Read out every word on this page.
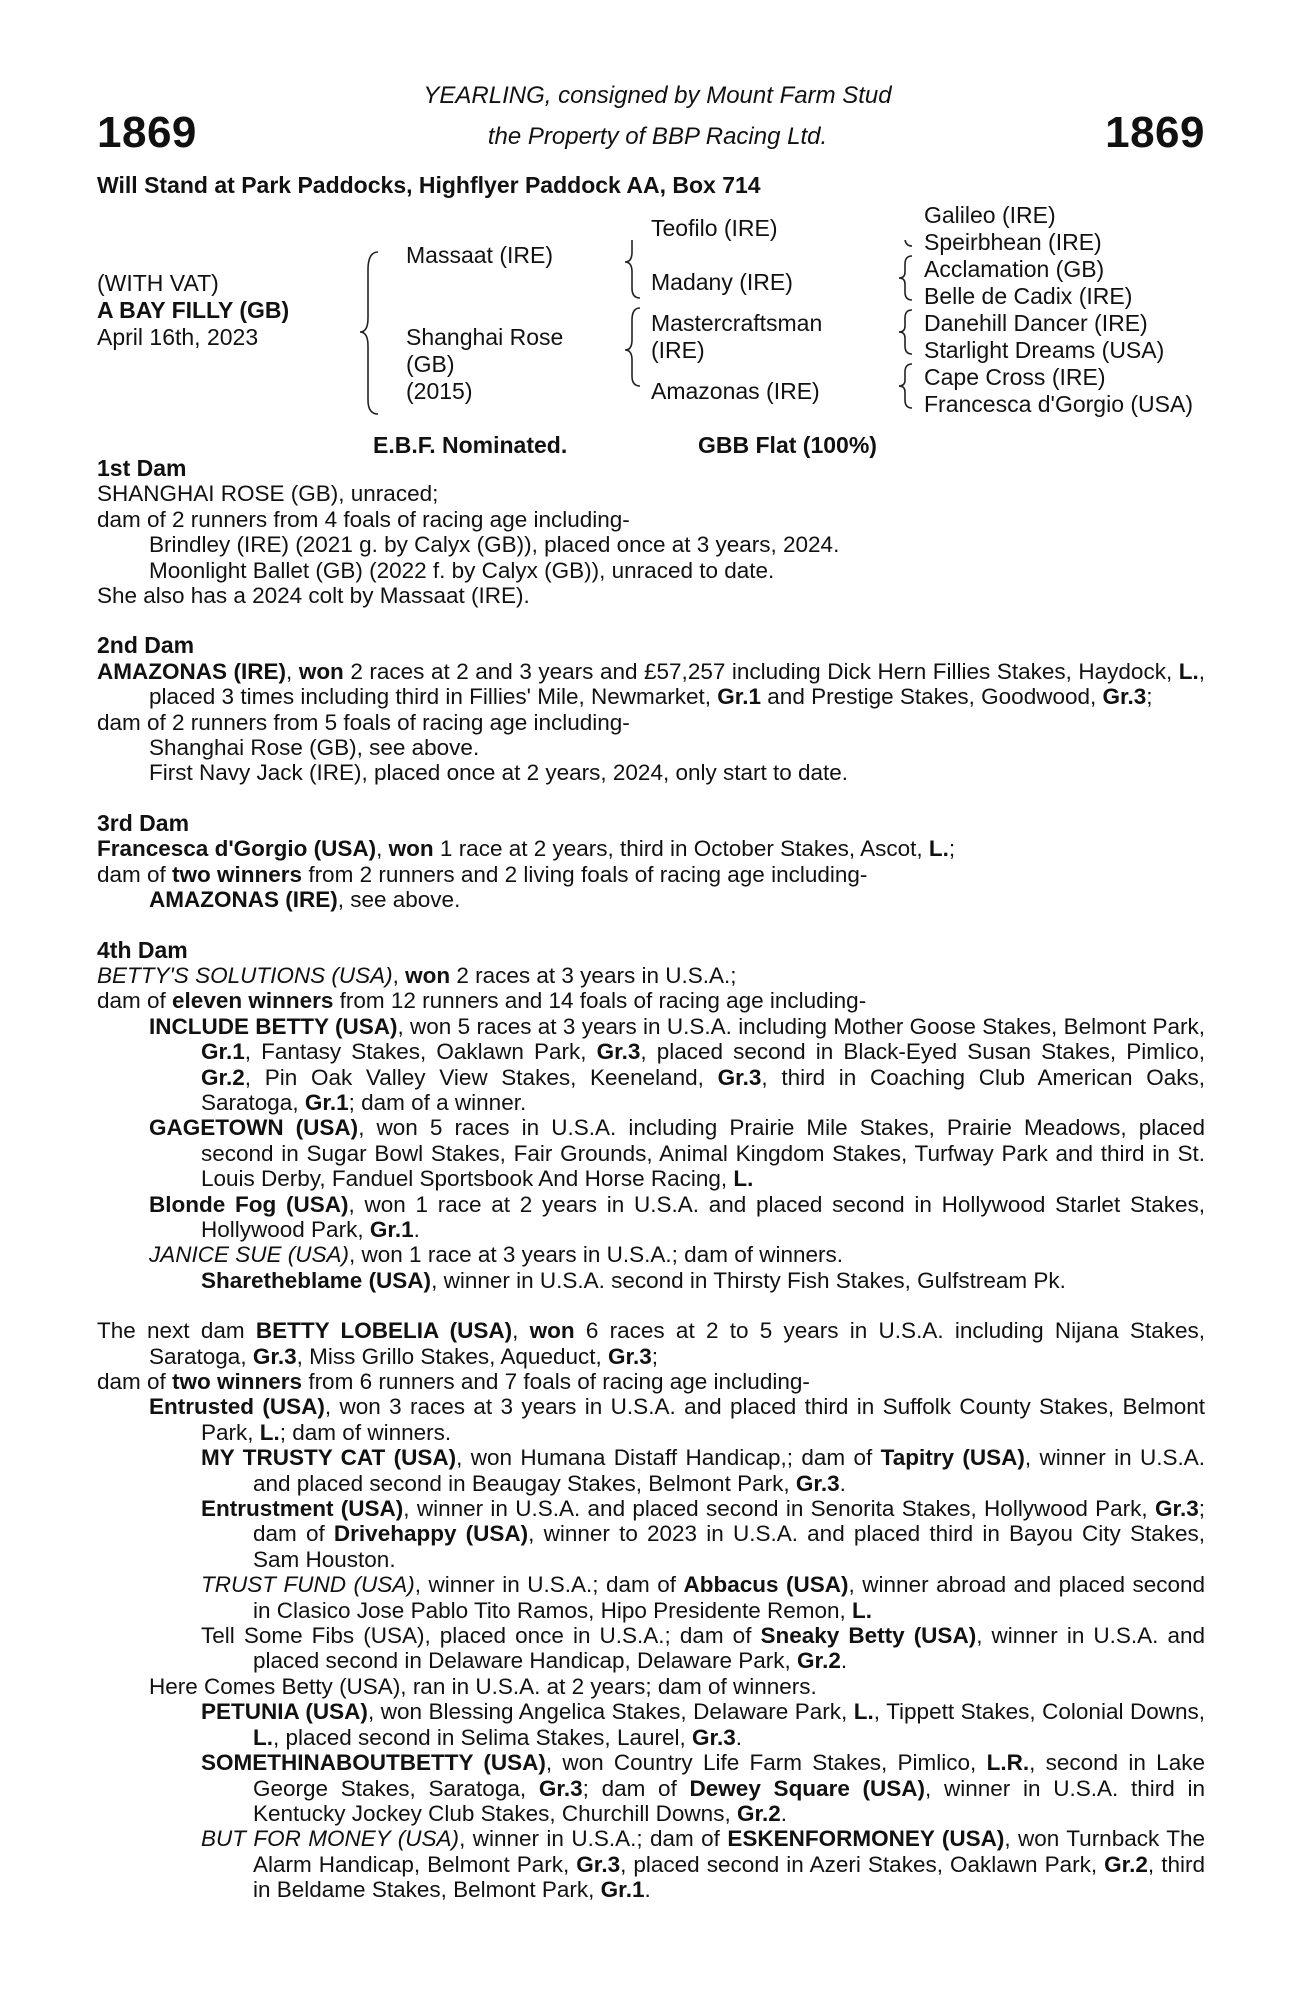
1869	1869
YEARLING, consigned by Mount Farm Stud
the Property of BBP Racing Ltd.
Will Stand at Park Paddocks, Highflyer Paddock AA, Box 714
(WITH VAT)
A BAY FILLY (GB)
April 16th, 2023
Massaat (IRE)
Shanghai Rose
(GB)
(2015)
Teofilo (IRE)
Madany (IRE)
Mastercraftsman
(IRE)
Amazonas (IRE)
Galileo (IRE)
Speirbhean (IRE)
Acclamation (GB)
Belle de Cadix (IRE)
Danehill Dancer (IRE)
Starlight Dreams (USA)
Cape Cross (IRE)
Francesca d'Gorgio (USA)
E.B.F. Nominated.	GBB Flat (100%)
1st Dam
SHANGHAI ROSE (GB), unraced;
dam of 2 runners from 4 foals of racing age including-
Brindley (IRE) (2021 g. by Calyx (GB)), placed once at 3 years, 2024.
Moonlight Ballet (GB) (2022 f. by Calyx (GB)), unraced to date.
She also has a 2024 colt by Massaat (IRE).
2nd Dam
AMAZONAS (IRE), won 2 races at 2 and 3 years and £57,257 including Dick Hern Fillies Stakes, Haydock, L., placed 3 times including third in Fillies' Mile, Newmarket, Gr.1 and Prestige Stakes, Goodwood, Gr.3;
dam of 2 runners from 5 foals of racing age including-
Shanghai Rose (GB), see above.
First Navy Jack (IRE), placed once at 2 years, 2024, only start to date.
3rd Dam
Francesca d'Gorgio (USA), won 1 race at 2 years, third in October Stakes, Ascot, L.;
dam of two winners from 2 runners and 2 living foals of racing age including-
AMAZONAS (IRE), see above.
4th Dam
BETTY'S SOLUTIONS (USA), won 2 races at 3 years in U.S.A.;
dam of eleven winners from 12 runners and 14 foals of racing age including-
INCLUDE BETTY (USA), won 5 races at 3 years in U.S.A. including Mother Goose Stakes, Belmont Park, Gr.1, Fantasy Stakes, Oaklawn Park, Gr.3, placed second in Black-Eyed Susan Stakes, Pimlico, Gr.2, Pin Oak Valley View Stakes, Keeneland, Gr.3, third in Coaching Club American Oaks, Saratoga, Gr.1; dam of a winner.
GAGETOWN (USA), won 5 races in U.S.A. including Prairie Mile Stakes, Prairie Meadows, placed second in Sugar Bowl Stakes, Fair Grounds, Animal Kingdom Stakes, Turfway Park and third in St. Louis Derby, Fanduel Sportsbook And Horse Racing, L.
Blonde Fog (USA), won 1 race at 2 years in U.S.A. and placed second in Hollywood Starlet Stakes, Hollywood Park, Gr.1.
JANICE SUE (USA), won 1 race at 3 years in U.S.A.; dam of winners.
Sharetheblame (USA), winner in U.S.A. second in Thirsty Fish Stakes, Gulfstream Pk.
The next dam BETTY LOBELIA (USA), won 6 races at 2 to 5 years in U.S.A. including Nijana Stakes, Saratoga, Gr.3, Miss Grillo Stakes, Aqueduct, Gr.3;
dam of two winners from 6 runners and 7 foals of racing age including-
Entrusted (USA), won 3 races at 3 years in U.S.A. and placed third in Suffolk County Stakes, Belmont Park, L.; dam of winners.
MY TRUSTY CAT (USA), won Humana Distaff Handicap,; dam of Tapitry (USA), winner in U.S.A. and placed second in Beaugay Stakes, Belmont Park, Gr.3.
Entrustment (USA), winner in U.S.A. and placed second in Senorita Stakes, Hollywood Park, Gr.3; dam of Drivehappy (USA), winner to 2023 in U.S.A. and placed third in Bayou City Stakes, Sam Houston.
TRUST FUND (USA), winner in U.S.A.; dam of Abbacus (USA), winner abroad and placed second in Clasico Jose Pablo Tito Ramos, Hipo Presidente Remon, L.
Tell Some Fibs (USA), placed once in U.S.A.; dam of Sneaky Betty (USA), winner in U.S.A. and placed second in Delaware Handicap, Delaware Park, Gr.2.
Here Comes Betty (USA), ran in U.S.A. at 2 years; dam of winners.
PETUNIA (USA), won Blessing Angelica Stakes, Delaware Park, L., Tippett Stakes, Colonial Downs, L., placed second in Selima Stakes, Laurel, Gr.3.
SOMETHINABOUTBETTY (USA), won Country Life Farm Stakes, Pimlico, L.R., second in Lake George Stakes, Saratoga, Gr.3; dam of Dewey Square (USA), winner in U.S.A. third in Kentucky Jockey Club Stakes, Churchill Downs, Gr.2.
BUT FOR MONEY (USA), winner in U.S.A.; dam of ESKENFORMONEY (USA), won Turnback The Alarm Handicap, Belmont Park, Gr.3, placed second in Azeri Stakes, Oaklawn Park, Gr.2, third in Beldame Stakes, Belmont Park, Gr.1.
